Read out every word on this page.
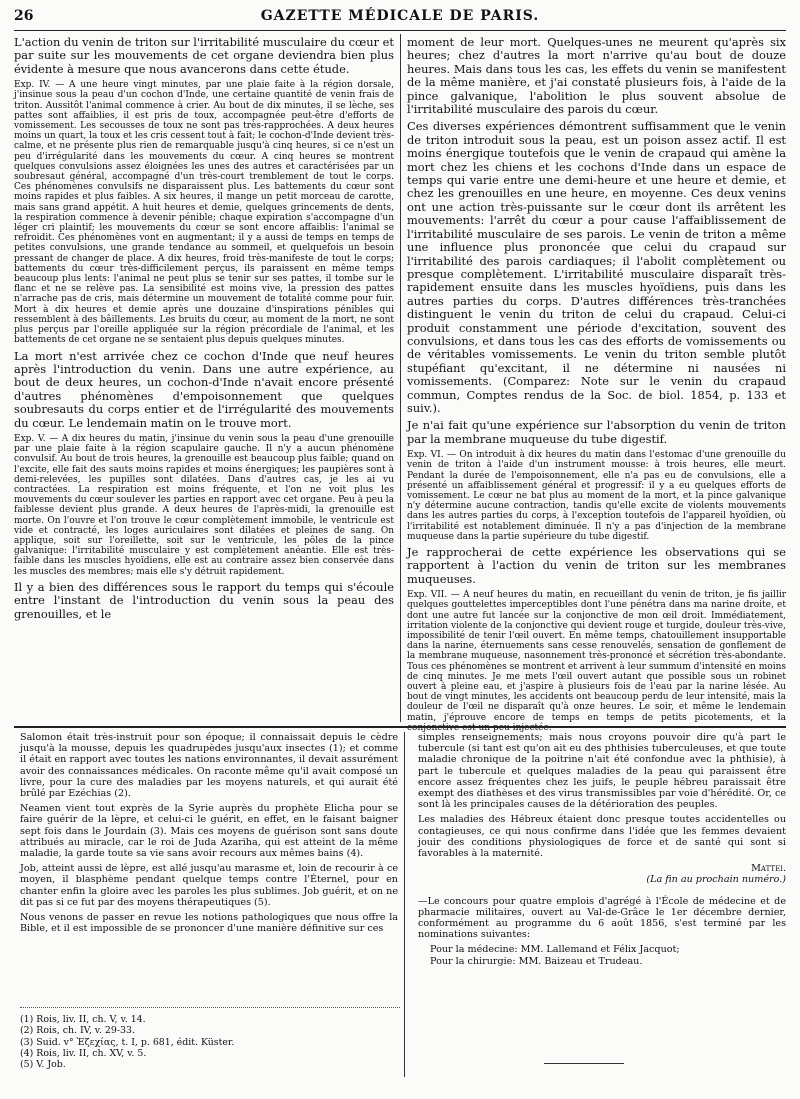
GAZETTE MÉDICALE DE PARIS.
26

L'action du venin de triton sur l'irritabilité musculaire du cœur et par suite sur les mouvements de cet organe deviendra bien plus évidente à mesure que nous avancerons dans cette étude.

Exp. IV. — A une heure vingt minutes, par une plaie faite à la région dorsale, j'insinue sous la peau d'un cochon d'Inde, une certaine quantité de venin frais de triton. Aussitôt l'animal commence à crier. Au bout de dix minutes, il se lèche, ses pattes sont affaiblies, il est pris de toux, accompagnée peut-être d'efforts de vomissement. Les secousses de toux ne sont pas très-rapprochées. A deux heures moins un quart, la toux et les cris cessent tout à fait; le cochon-d'Inde devient très-calme, et ne présente plus rien de remarquable jusqu'à cinq heures, si ce n'est un peu d'irrégularité dans les mouvements du cœur. A cinq heures se montrent quelques convulsions assez éloignées les unes des autres et caractérisées par un soubresaut général, accompagné d'un très-court tremblement de tout le corps. Ces phénomènes convulsifs ne disparaissent plus. Les battements du cœur sont moins rapides et plus faibles. A six heures, il mange un petit morceau de carotte, mais sans grand appétit. A huit heures et demie, quelques grincements de dents, la respiration commence à devenir pénible; chaque expiration s'accompagne d'un léger cri plaintif; les mouvements du cœur se sont encore affaiblis: l'animal se refroidit. Ces phénomènes vont en augmentant; il y a aussi de temps en temps de petites convulsions, une grande tendance au sommeil, et quelquefois un besoin pressant de changer de place. A dix heures, froid très-manifeste de tout le corps; battements du cœur très-difficilement perçus, ils paraissent en même temps beaucoup plus lents: l'animal ne peut plus se tenir sur ses pattes, il tombe sur le flanc et ne se relève pas. La sensibilité est moins vive, la pression des pattes n'arrache pas de cris, mais détermine un mouvement de totalité comme pour fuir. Mort à dix heures et demie après une douzaine d'inspirations pénibles qui ressemblent à des bâillements. Les bruits du cœur, au moment de la mort, ne sont plus perçus par l'oreille appliquée sur la région précordiale de l'animal, et les battements de cet organe ne se sentaient plus depuis quelques minutes.

La mort n'est arrivée chez ce cochon d'Inde que neuf heures après l'introduction du venin. Dans une autre expérience, au bout de deux heures, un cochon-d'Inde n'avait encore présenté d'autres phénomènes d'empoisonnement que quelques soubresauts du corps entier et de l'irrégularité des mouvements du cœur. Le lendemain matin on le trouve mort.

Exp. V. — A dix heures du matin, j'insinue du venin sous la peau d'une grenouille par une plaie faite à la région scapulaire gauche. Il n'y a aucun phénomène convulsif. Au bout de trois heures, la grenouille est beaucoup plus faible; quand on l'excite, elle fait des sauts moins rapides et moins énergiques; les paupières sont à demi-relevées, les pupilles sont dilatées. Dans d'autres cas, je les ai vu contractées. La respiration est moins fréquente, et l'on ne voit plus les mouvements du cœur soulever les parties en rapport avec cet organe. Peu à peu la faiblesse devient plus grande. A deux heures de l'après-midi, la grenouille est morte. On l'ouvre et l'on trouve le cœur complètement immobile, le ventricule est vide et contracté, les loges auriculaires sont dilatées et pleines de sang. On applique, soit sur l'oreillette, soit sur le ventricule, les pôles de la pince galvanique: l'irritabilité musculaire y est complètement anéantie. Elle est très-faible dans les muscles hyoïdiens, elle est au contraire assez bien conservée dans les muscles des membres; mais elle s'y détruit rapidement.

Il y a bien des différences sous le rapport du temps qui s'écoule entre l'instant de l'introduction du venin sous la peau des grenouilles, et le

moment de leur mort. Quelques-unes ne meurent qu'après six heures; chez d'autres la mort n'arrive qu'au bout de douze heures. Mais dans tous les cas, les effets du venin se manifestent de la même manière, et j'ai constaté plusieurs fois, à l'aide de la pince galvanique, l'abolition le plus souvent absolue de l'irritabilité musculaire des parois du cœur.

Ces diverses expériences démontrent suffisamment que le venin de triton introduit sous la peau, est un poison assez actif. Il est moins énergique toutefois que le venin de crapaud qui amène la mort chez les chiens et les cochons d'Inde dans un espace de temps qui varie entre une demi-heure et une heure et demie, et chez les grenouilles en une heure, en moyenne. Ces deux venins ont une action très-puissante sur le cœur dont ils arrêtent les mouvements: l'arrêt du cœur a pour cause l'affaiblissement de l'irritabilité musculaire de ses parois. Le venin de triton a même une influence plus prononcée que celui du crapaud sur l'irritabilité des parois cardiaques; il l'abolit complètement ou presque complètement. L'irritabilité musculaire disparaît très-rapidement ensuite dans les muscles hyoïdiens, puis dans les autres parties du corps. D'autres différences très-tranchées distinguent le venin du triton de celui du crapaud. Celui-ci produit constamment une période d'excitation, souvent des convulsions, et dans tous les cas des efforts de vomissements ou de véritables vomissements. Le venin du triton semble plutôt stupéfiant qu'excitant, il ne détermine ni nausées ni vomissements. (Comparez: Note sur le venin du crapaud commun, Comptes rendus de la Soc. de biol. 1854, p. 133 et suiv.).

Je n'ai fait qu'une expérience sur l'absorption du venin de triton par la membrane muqueuse du tube digestif.

Exp. VI. — On introduit à dix heures du matin dans l'estomac d'une grenouille du venin de triton à l'aide d'un instrument mousse: à trois heures, elle meurt. Pendant la durée de l'empoisonnement, elle n'a pas eu de convulsions, elle a présenté un affaiblissement général et progressif: il y a eu quelques efforts de vomissement. Le cœur ne bat plus au moment de la mort, et la pince galvanique n'y détermine aucune contraction, tandis qu'elle excite de violents mouvements dans les autres parties du corps, à l'exception toutefois de l'appareil hyoïdien, où l'irritabilité est notablement diminuée. Il n'y a pas d'injection de la membrane muqueuse dans la partie supérieure du tube digestif.

Je rapprocherai de cette expérience les observations qui se rapportent à l'action du venin de triton sur les membranes muqueuses.

Exp. VII. — A neuf heures du matin, en recueillant du venin de triton, je fis jaillir quelques gouttelettes imperceptibles dont l'une pénétra dans ma narine droite, et dont une autre fut lancée sur la conjonctive de mon œil droit. Immédiatement, irritation violente de la conjonctive qui devient rouge et turgide, douleur très-vive, impossibilité de tenir l'œil ouvert. En même temps, chatouillement insupportable dans la narine, éternuements sans cesse renouvelés, sensation de gonflement de la membrane muqueuse, nasonnement très-prononcé et sécrétion très-abondante. Tous ces phénomènes se montrent et arrivent à leur summum d'intensité en moins de cinq minutes. Je me mets l'œil ouvert autant que possible sous un robinet ouvert à pleine eau, et j'aspire à plusieurs fois de l'eau par la narine lésée. Au bout de vingt minutes, les accidents ont beaucoup perdu de leur intensité, mais la douleur de l'œil ne disparaît qu'à onze heures. Le soir, et même le lendemain matin, j'éprouve encore de temps en temps de petits picotements, et la conjonctive est un peu injectée.

Salomon était très-instruit pour son époque; il connaissait depuis le cèdre jusqu'à la mousse, depuis les quadrupèdes jusqu'aux insectes (1); et comme il était en rapport avec toutes les nations environnantes, il devait assurément avoir des connaissances médicales. On raconte même qu'il avait composé un livre, pour la cure des maladies par les moyens naturels, et qui aurait été brûlé par Ezéchias (2).

Neamen vient tout exprès de la Syrie auprès du prophète Elicha pour se faire guérir de la lèpre, et celui-ci le guérit, en effet, en le faisant baigner sept fois dans le Jourdain (3). Mais ces moyens de guérison sont sans doute attribués au miracle, car le roi de Juda Azariha, qui est atteint de la même maladie, la garde toute sa vie sans avoir recours aux mêmes bains (4).

Job, atteint aussi de lèpre, est allé jusqu'au marasme et, loin de recourir à ce moyen, il blasphème pendant quelque temps contre l'Éternel, pour en chanter enfin la gloire avec les paroles les plus sublimes. Job guérit, et on ne dit pas si ce fut par des moyens thérapeutiques (5).

Nous venons de passer en revue les notions pathologiques que nous offre la Bible, et il est impossible de se prononcer d'une manière définitive sur ces

simples renseignements; mais nous croyons pouvoir dire qu'à part le tubercule (si tant est qu'on ait eu des phthisies tuberculeuses, et que toute maladie chronique de la poitrine n'ait été confondue avec la phthisie), à part le tubercule et quelques maladies de la peau qui paraissent être encore assez fréquentes chez les juifs, le peuple hébreu paraissait être exempt des diathèses et des virus transmissibles par voie d'hérédité. Or, ce sont là les principales causes de la détérioration des peuples.

Les maladies des Hébreux étaient donc presque toutes accidentelles ou contagieuses, ce qui nous confirme dans l'idée que les femmes devaient jouir des conditions physiologiques de force et de santé qui sont si favorables à la maternité.

Mattei.
(La fin au prochain numéro.)

—Le concours pour quatre emplois d'agrégé à l'École de médecine et de pharmacie militaires, ouvert au Val-de-Grâce le 1er décembre dernier, conformément au programme du 6 août 1856, s'est terminé par les nominations suivantes:

Pour la médecine: MM. Lallemand et Félix Jacquot;
Pour la chirurgie: MM. Baizeau et Trudeau.
(1) Rois, liv. II, ch. V, v. 14.
(2) Rois, ch. IV, v. 29-33.
(3) Suid. v° Ἐζεχίας, t. I, p. 681, édit. Küster.
(4) Rois, liv. II, ch. XV, v. 5.
(5) V. Job.
